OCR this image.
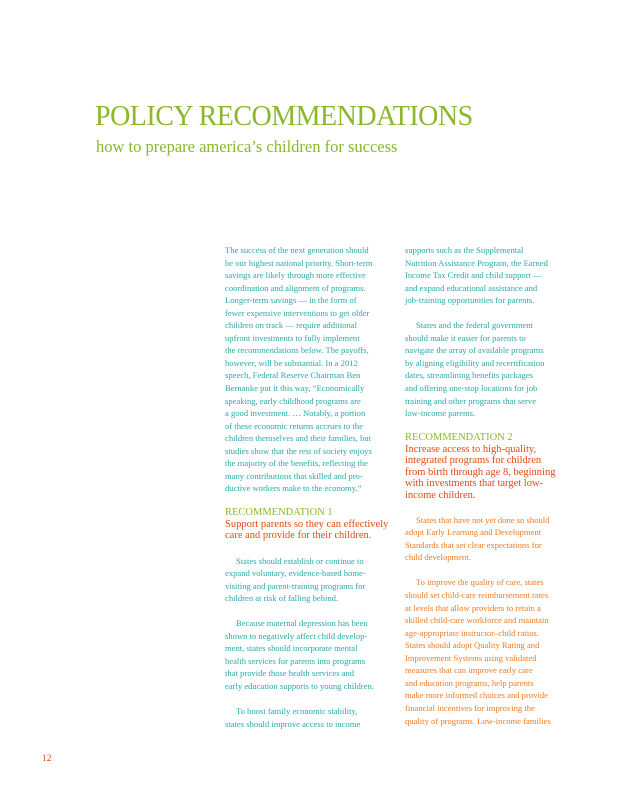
POLICY RECOMMENDATIONS
how to prepare america’s children for success
The success of the next generation should
be our highest national priority. Short-term
savings are likely through more effective
coordination and alignment of programs.
Longer-term savings — in the form of
fewer expensive interventions to get older
children on track — require additional
upfront investments to fully implement
the recommendations below. The payoffs,
however, will be substantial. In a 2012
speech, Federal Reserve Chairman Ben
Bernanke put it this way, “Economically
speaking, early childhood programs are
a good investment. … Notably, a portion
of these economic returns accrues to the
children themselves and their families, but
studies show that the rest of society enjoys
the majority of the benefits, reflecting the
many contributions that skilled and pro-
ductive workers make to the economy.”
RECOMMENDATION 1
Support parents so they can effectively
care and provide for their children.
States should establish or continue to
expand voluntary, evidence-based home-
visiting and parent-training programs for
children at risk of falling behind.
Because maternal depression has been
shown to negatively affect child develop-
ment, states should incorporate mental
health services for parents into programs
that provide those health services and
early education supports to young children.
To boost family economic stability,
states should improve access to income
supports such as the Supplemental
Nutrition Assistance Program, the Earned
Income Tax Credit and child support —
and expand educational assistance and
job-training opportunities for parents.
States and the federal government
should make it easier for parents to
navigate the array of available programs
by aligning eligibility and recertification
dates, streamlining benefits packages
and offering one-stop locations for job
training and other programs that serve
low-income parents.
RECOMMENDATION 2
Increase access to high-quality,
integrated programs for children
from birth through age 8, beginning
with investments that target low-
income children.
States that have not yet done so should
adopt Early Learning and Development
Standards that set clear expectations for
child development.
To improve the quality of care, states
should set child-care reimbursement rates
at levels that allow providers to retain a
skilled child-care workforce and maintain
age-appropriate instructor–child ratios.
States should adopt Quality Rating and
Improvement Systems using validated
measures that can improve early care
and education programs, help parents
make more informed choices and provide
financial incentives for improving the
quality of programs. Low-income families
12
